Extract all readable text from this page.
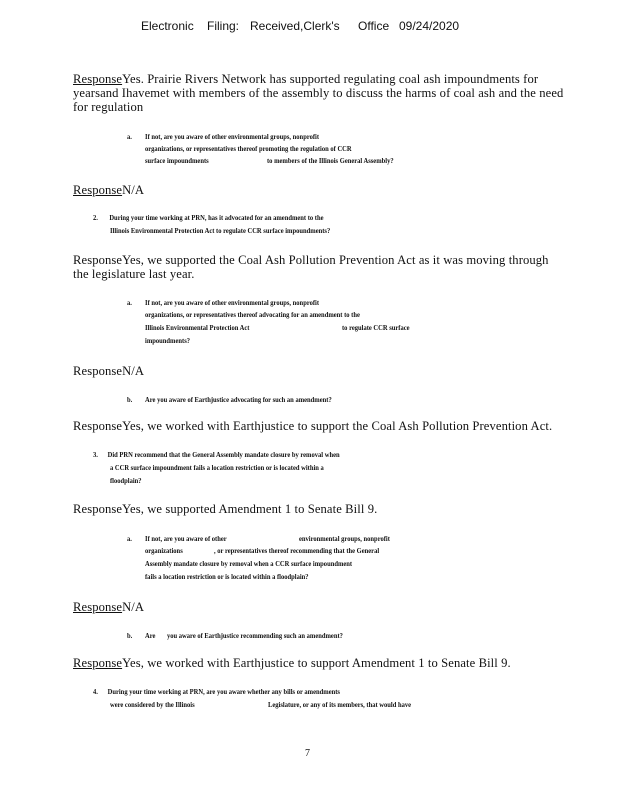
Electronic Filing: Received,Clerk's Office 09/24/2020
ResponseYes. Prairie Rivers Network has supported regulating coal ash impoundments for
yearsand Ihavemet with members of the assembly to discuss the harms of coal ash and the need
for regulation
a. If not, are you aware of other environmental groups, nonprofit
organizations, or representatives thereof promoting the regulation of CCR
surface impoundments	to members of the Illinois General Assembly?
ResponseN/A
2. During your time working at PRN, has it advocated for an amendment to the
Illinois Environmental Protection Act to regulate CCR surface impoundments?
ResponseYes, we supported the Coal Ash Pollution Prevention Act as it was moving through
the legislature last year.
a. If not, are you aware of other environmental groups, nonprofit
organizations, or representatives thereof advocating for an amendment to the
Illinois Environmental Protection Act	to regulate CCR surface
impoundments?
ResponseN/A
b. Are you aware of Earthjustice advocating for such an amendment?
ResponseYes, we worked with Earthjustice to support the Coal Ash Pollution Prevention Act.
3. Did PRN recommend that the General Assembly mandate closure by removal when
a CCR surface impoundment fails a location restriction or is located within a
floodplain?
ResponseYes, we supported Amendment 1 to Senate Bill 9.
a. If not, are you aware of other	environmental groups, nonprofit
organizations	, or representatives thereof recommending that the General
Assembly mandate closure by removal when a CCR surface impoundment
fails a location restriction or is located within a floodplain?
ResponseN/A
b. Are you aware of Earthjustice recommending such an amendment?
ResponseYes, we worked with Earthjustice to support Amendment 1 to Senate Bill 9.
4. During your time working at PRN, are you aware whether any bills or amendments
were considered by the Illinois	Legislature, or any of its members, that would have
7
